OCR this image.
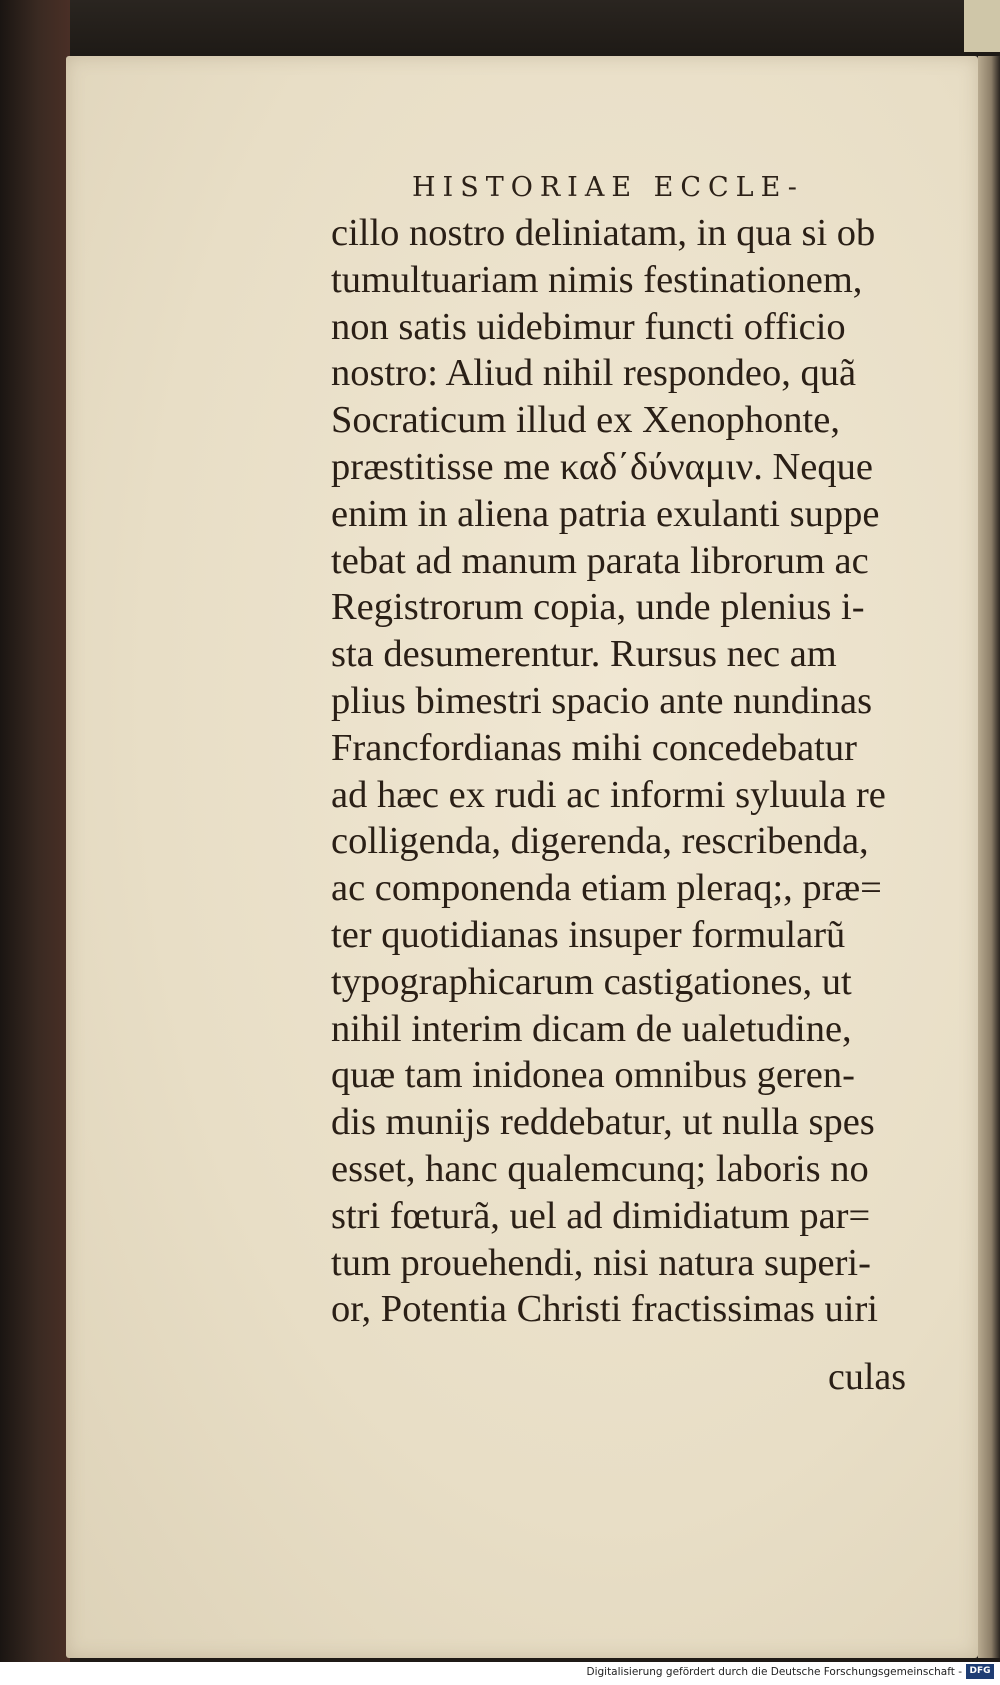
HISTORIAE ECCLE-
cillo nostro deliniatam, in qua si ob
tumultuariam nimis festinationem,
non satis uidebimur functi officio
nostro: Aliud nihil respondeo, quã
Socraticum illud ex Xenophonte,
præstitisse me καδ΄δύναμιν. Neque
enim in aliena patria exulanti suppe
tebat ad manum parata librorum ac
Registrorum copia, unde plenius i-
sta desumerentur. Rursus nec am
plius bimestri spacio ante nundinas
Francfordianas mihi concedebatur
ad hæc ex rudi ac informi syluula re
colligenda, digerenda, rescribenda,
ac componenda etiam pleraq;, præ=
ter quotidianas insuper formularũ
typographicarum castigationes, ut
nihil interim dicam de ualetudine,
quæ tam inidonea omnibus geren-
dis munijs reddebatur, ut nulla spes
esset, hanc qualemcunq; laboris no
stri fœturã, uel ad dimidiatum par=
tum prouehendi, nisi natura superi-
or, Potentia Christi fractissimas uiri
culas
Digitalisierung gefördert durch die Deutsche Forschungsgemeinschaft - DFG
